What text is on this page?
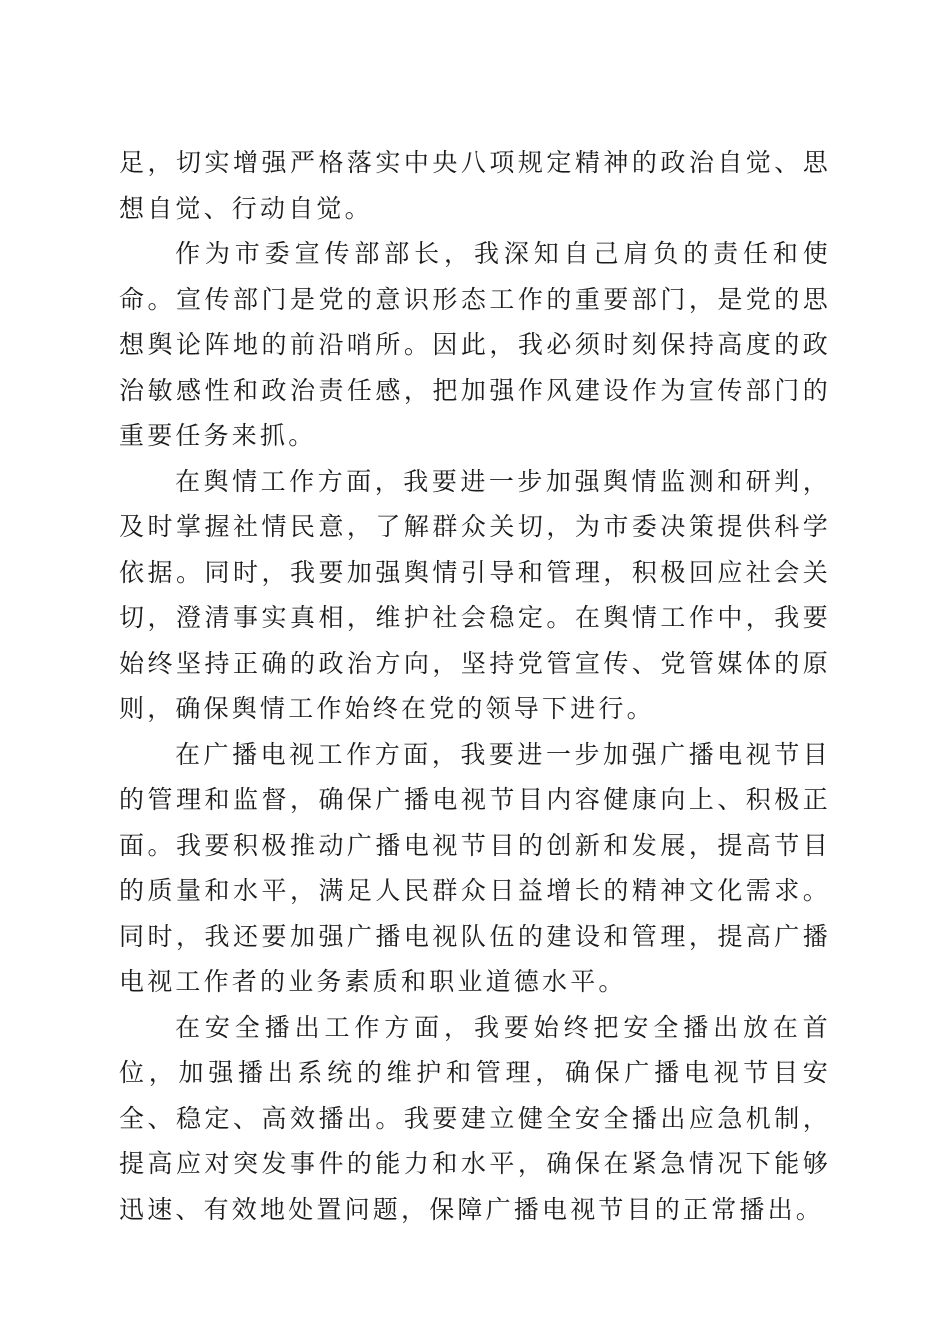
足，切实增强严格落实中央八项规定精神的政治自觉、思想自觉、行动自觉。

作为市委宣传部部长，我深知自己肩负的责任和使命。宣传部门是党的意识形态工作的重要部门，是党的思想舆论阵地的前沿哨所。因此，我必须时刻保持高度的政治敏感性和政治责任感，把加强作风建设作为宣传部门的重要任务来抓。

在舆情工作方面，我要进一步加强舆情监测和研判，及时掌握社情民意，了解群众关切，为市委决策提供科学依据。同时，我要加强舆情引导和管理，积极回应社会关切，澄清事实真相，维护社会稳定。在舆情工作中，我要始终坚持正确的政治方向，坚持党管宣传、党管媒体的原则，确保舆情工作始终在党的领导下进行。

在广播电视工作方面，我要进一步加强广播电视节目的管理和监督，确保广播电视节目内容健康向上、积极正面。我要积极推动广播电视节目的创新和发展，提高节目的质量和水平，满足人民群众日益增长的精神文化需求。同时，我还要加强广播电视队伍的建设和管理，提高广播电视工作者的业务素质和职业道德水平。

在安全播出工作方面，我要始终把安全播出放在首位，加强播出系统的维护和管理，确保广播电视节目安全、稳定、高效播出。我要建立健全安全播出应急机制，提高应对突发事件的能力和水平，确保在紧急情况下能够迅速、有效地处置问题，保障广播电视节目的正常播出。
